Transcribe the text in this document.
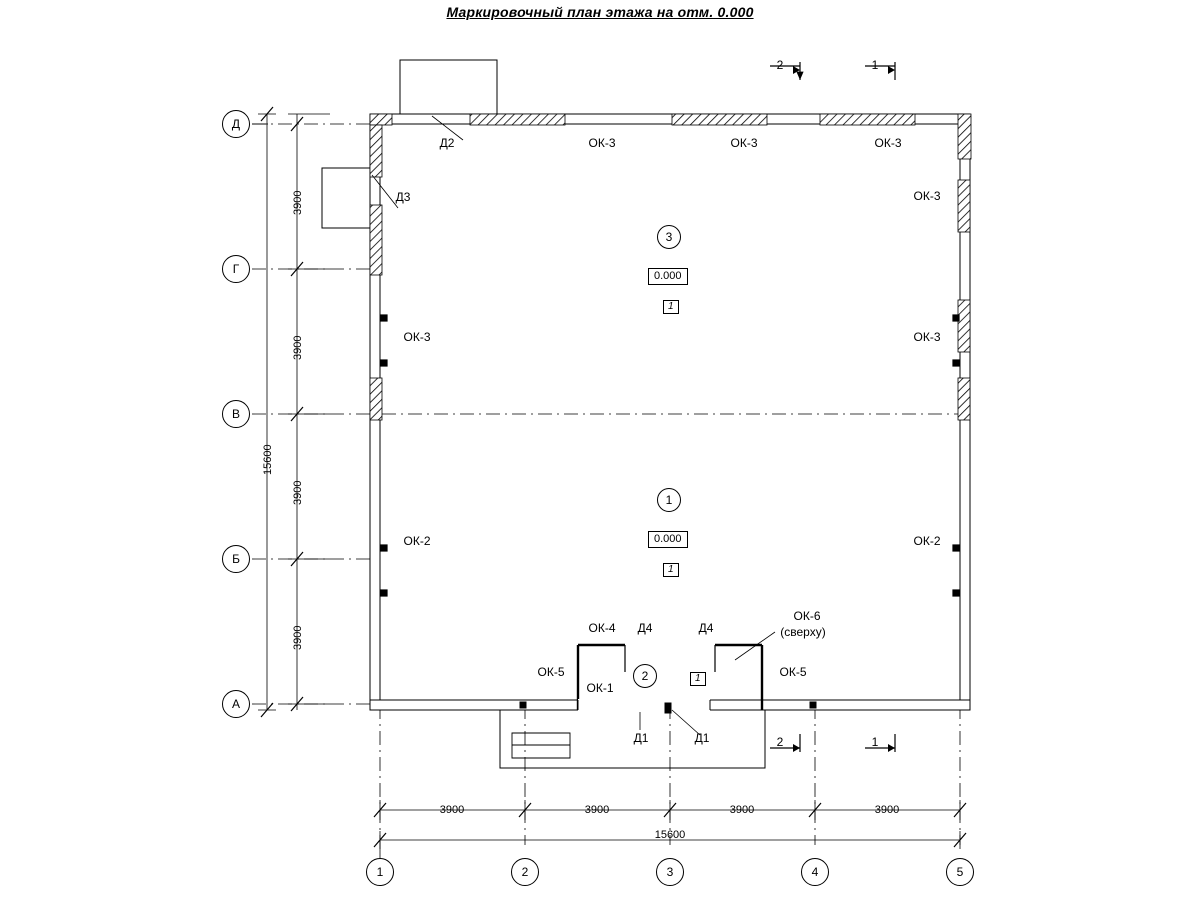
Маркировочный план этажа на отм. 0.000
Д
Г
В
Б
А
1	2	3	4	5
3900
3900
3900
3900
15600
3900	3900	3900	3900
15600
2	1
2	1
3
1
2
0.000
1
0.000
1
1
Д2
Д3
Д4	Д4
Д1	Д1
ОК-3	ОК-3	ОК-3
ОК-3
ОК-3
ОК-2
ОК-3
ОК-2
ОК-5
ОК-1
ОК-4
ОК-5
ОК-6
(сверху)
